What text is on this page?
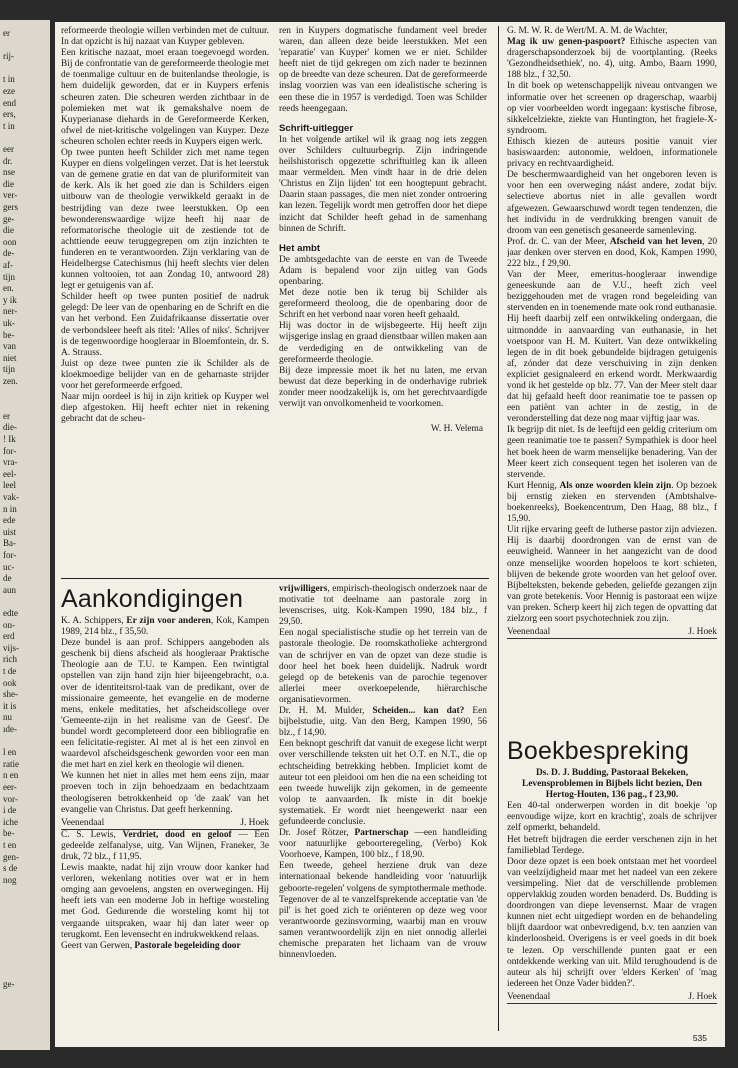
er
rij-
t in
eze
end
ers,
t in
eer
dr.
nse
die
ver-
gers
ge-
die
oon
de-
af-
tijn
en.
y ik
ner-
uk-
be-
van
niet
tijn
zen.
er
die-
! Ik
for-
vra-
eel-
leel
vak-
n in
ede
uist
Ba-
for-
uc-
de
aun
edte
on-
erd
vijs-
rich
t de
ook
she-
it is
nu
ıde-
l en
ratie
n en
eer-
vor-
i de
iche
be-
t en
gen-
s de
nog
ge-

reformeerde theologie willen verbinden met de cultuur. In dat opzicht is hij nazaat van Kuyper gebleven.

Een kritische nazaat, moet eraan toegevoegd worden. Bij de confrontatie van de gereformeerde theologie met de toenmalige cultuur en de buitenlandse theologie, is hem duidelijk geworden, dat er in Kuypers erfenis scheuren zaten. Die scheuren werden zichtbaar in de polemieken met wat ik gemakshalve noem de Kuyperianase diehards in de Gereformeerde Kerken, ofwel de niet-kritische volgelingen van Kuyper. Deze scheuren scholen echter reeds in Kuypers eigen werk.

Op twee punten heeft Schilder zich met name tegen Kuyper en diens volgelingen verzet. Dat is het leerstuk van de gemene gratie en dat van de pluriformiteit van de kerk. Als ik het goed zie dan is Schilders eigen uitbouw van de theologie verwikkeld geraakt in de bestrijding van deze twee leerstukken. Op een bewonderenswaardige wijze heeft hij naar de reformatorische theologie uit de zestiende tot de achttiende eeuw teruggegrepen om zijn inzichten te funderen en te verantwoorden. Zijn verklaring van de Heidelbergse Catechismus (hij heeft slechts vier delen kunnen voltooien, tot aan Zondag 10, antwoord 28) legt er getuigenis van af.

Schilder heeft op twee punten positief de nadruk gelegd: De leer van de openbaring en de Schrift en die van het verbond. Een Zuidafrikaanse dissertatie over de verbondsleer heeft als titel: 'Alles of niks'. Schrijver is de tegenwoordige hoogleraar in Bloemfontein, dr. S. A. Strauss.

Juist op deze twee punten zie ik Schilder als de kloekmoedige belijder van en de geharnaste strijder voor het gereformeerde erfgoed.

Naar mijn oordeel is hij in zijn kritiek op Kuyper wel diep afgestoken. Hij heeft echter niet in rekening gebracht dat de scheu-

ren in Kuypers dogmatische fundament veel breder waren, dan alleen deze beide leerstukken. Met een 'reparatie' van Kuyper' komen we er niet. Schilder heeft niet de tijd gekregen om zich nader te bezinnen op de breedte van deze scheuren. Dat de gereformeerde inslag voorzien was van een idealistische schering is een these die in 1957 is verdedigd. Toen was Schilder reeds heengegaan.

Schrift-uitlegger

In het volgende artikel wil ik graag nog iets zeggen over Schilders cultuurbegrip. Zijn indringende heilshistorisch opgezette schriftuitleg kan ik alleen maar vermelden. Men vindt haar in de drie delen 'Christus en Zijn lijden' tot een hoogtepunt gebracht. Daarin staan passages, die men niet zonder ontroering kan lezen. Tegelijk wordt men getroffen door het diepe inzicht dat Schilder heeft gehad in de samenhang binnen de Schrift.

Het ambt

De ambtsgedachte van de eerste en van de Tweede Adam is bepalend voor zijn uitleg van Gods openbaring.

Met deze notie ben ik terug bij Schilder als gereformeerd theoloog, die de openbaring door de Schrift en het verbond naar voren heeft gehaald.

Hij was doctor in de wijsbegeerte. Hij heeft zijn wijsgerige inslag en graad dienstbaar willen maken aan de verdediging en de ontwikkeling van de gereformeerde theologie.

Bij deze impressie moet ik het nu laten, me ervan bewust dat deze beperking in de onderhavige rubriek zonder meer noodzakelijk is, om het gerechtvaardigde verwijt van onvolkomenheid te voorkomen.

W. H. Velema
Aankondigingen

K. A. Schippers, Er zijn voor anderen, Kok, Kampen 1989, 214 blz., f 35,50.

Deze bundel is aan prof. Schippers aangeboden als geschenk bij diens afscheid als hoogleraar Praktische Theologie aan de T.U. te Kampen. Een twintigtal opstellen van zijn hand zijn hier bijeengebracht, o.a. over de identiteitsrol-taak van de predikant, over de missionaire gemeente, het evangelie en de moderne mens, enkele meditaties, het afscheidscollege over 'Gemeente-zijn in het realisme van de Geest'. De bundel wordt gecompleteerd door een bibliografie en een felicitatie-register. Al met al is het een zinvol en waardevol afscheidsgeschenk geworden voor een man die met hart en ziel kerk en theologie wil dienen.

We kunnen het niet in alles met hem eens zijn, maar proeven toch in zijn behoedzaam en bedachtzaam theologiseren betrokkenheid op 'de zaak' van het evangelie van Christus. Dat geeft herkenning.

Veenendaal	J. Hoek

C. S. Lewis, Verdriet, dood en geloof — Een gedeelde zelfanalyse, uitg. Van Wijnen, Franeker, 3e druk, 72 blz., f 11,95.

Lewis maakte, nadat hij zijn vrouw door kanker had verloren, wekenlang notities over wat er in hem omging aan gevoelens, angsten en overwegingen. Hij heeft iets van een moderne Job in heftige worsteling met God. Gedurende die worsteling komt hij tot vergaande uitspraken, waar hij dan later weer op terugkomt. Een levensecht en indrukwekkend relaas.

Geert van Gerwen, Pastorale begeleiding door

vrijwilligers, empirisch-theologisch onderzoek naar de motivatie tot deelname aan pastorale zorg in levenscrises, uitg. Kok-Kampen 1990, 184 blz., f 29,50.

Een nogal specialistische studie op het terrein van de pastorale theologie. De roomskatholieke achtergrond van de schrijver en van de opzet van deze studie is door heel het boek heen duidelijk. Nadruk wordt gelegd op de betekenis van de parochie tegenover allerlei meer overkoepelende, hiërarchische organisatievormen.

Dr. H. M. Mulder, Scheiden... kan dat? Een bijbelstudie, uitg. Van den Berg, Kampen 1990, 56 blz., f 14,90.

Een beknopt geschrift dat vanuit de exegese licht werpt over verschillende teksten uit het O.T. en N.T., die op echtscheiding betrekking hebben. Impliciet komt de auteur tot een pleidooi om hen die na een scheiding tot een tweede huwelijk zijn gekomen, in de gemeente volop te aanvaarden. Ik miste in dit boekje systematiek. Er wordt niet heengewerkt naar een gefundeerde conclusie.

Dr. Josef Rötzer, Partnerschap —een handleiding voor natuurlijke geboorteregeling, (Verbo) Kok Voorhoeve, Kampen, 100 blz., f 18,90.

Een tweede, geheel herziene druk van deze internationaal bekende handleiding voor 'natuurlijk geboorte-regelen' volgens de symptothermale methode.

Tegenover de al te vanzelfsprekende acceptatie van 'de pil' is het goed zich te oriënteren op deze weg voor verantwoorde gezinsvorming, waarbij man en vrouw samen verantwoordelijk zijn en niet onnodig allerlei chemische preparaten het lichaam van de vrouw binnenvloeden.

G. M. W. R. de Wert/M. A. M. de Wachter,

Mag ik uw genen-paspoort? Ethische aspecten van dragerschapsonderzoek bij de voortplanting. (Reeks 'Gezondheidsethiek', no. 4), uitg. Ambo, Baarn 1990, 188 blz., f 32,50.

In dit boek op wetenschappelijk niveau ontvangen we informatie over het screenen op dragerschap, waarbij op vier voorbeelden wordt ingegaan: kystische fibrose, sikkelcelziekte, ziekte van Huntington, het fragiele-X-syndroom.

Ethisch kiezen de auteurs positie vanuit vier basiswaarden: autonomie, weldoen, informationele privacy en rechtvaardigheid.

De beschermwaardigheid van het ongeboren leven is voor hen een overweging náást andere, zodat bijv. selectieve abortus niet in alle gevallen wordt afgewezen. Gewaarschuwd wordt tegen tendenzen, die het individu in de verdrukking brengen vanuit de droom van een genetisch gesaneerde samenleving.

Prof. dr. C. van der Meer, Afscheid van het leven, 20 jaar denken over sterven en dood, Kok, Kampen 1990, 222 blz., f 29,90.

Van der Meer, emeritus-hoogleraar inwendige geneeskunde aan de V.U., heeft zich veel beziggehouden met de vragen rond begeleiding van stervenden en in toenemende mate ook rond euthanasie. Hij heeft daarbij zelf een ontwikkeling ondergaan, die uitmondde in aanvaarding van euthanasie, in het voetspoor van H. M. Kuitert. Van deze ontwikkeling legen de in dit boek gebundelde bijdragen getuigenis af, zónder dat deze verschuiving in zijn denken expliciet gesignaleerd en erkend wordt. Merkwaardig vond ik het gestelde op blz. 77. Van der Meer stelt daar dat hij gefaald heeft door reanimatie toe te passen op een patiënt van achter in de zestig, in de veronderstelling dat deze nog maar vijftig jaar was.

Ik begrijp dit niet. Is de leeftijd een geldig criterium om geen reanimatie toe te passen? Sympathiek is door heel het boek heen de warm menselijke benadering. Van der Meer keert zich consequent tegen het isoleren van de stervende.

Kurt Hennig, Als onze woorden klein zijn. Op bezoek bij ernstig zieken en stervenden (Ambtshalve-boekenreeks), Boekencentrum, Den Haag, 88 blz., f 15,90.

Uit rijke ervaring geeft de lutherse pastor zijn adviezen. Hij is daarbij doordrongen van de ernst van de eeuwigheid. Wanneer in het aangezicht van de dood onze menselijke woorden hopeloos te kort schieten, blijven de bekende grote woorden van het geloof over. Bijbelteksten, bekende gebeden, geliefde gezangen zijn van grote betekenis. Voor Hennig is pastoraat een wijze van preken. Scherp keert hij zich tegen de opvatting dat zielzorg een soort psychotechniek zou zijn.

Veenendaal	J. Hoek
Boekbespreking

Ds. D. J. Budding, Pastoraal Bekeken, Levensproblemen in Bijbels licht bezien, Den Hertog-Houten, 136 pag., f 23,90.

Een 40-tal onderwerpen worden in dit boekje 'op eenvoudige wijze, kort en krachtig', zoals de schrijver zelf opmerkt, behandeld.

Het betreft bijdragen die eerder verschenen zijn in het familieblad Terdege.

Door deze opzet is een boek ontstaan met het voordeel van veelzijdigheid maar met het nadeel van een zekere versimpeling. Niet dat de verschillende problemen oppervlakkig zouden worden benaderd. Ds. Budding is doordrongen van diepe levensernst. Maar de vragen kunnen niet echt uitgediept worden en de behandeling blijft daardoor wat onbevredigend, b.v. ten aanzien van kinderloosheid. Overigens is er veel goeds in dit boek te lezen. Op verschillende punten gaat er een ontdekkende werking van uit. Mild terughoudend is de auteur als hij schrijft over 'elders Kerken' of 'mag iedereen het Onze Vader bidden?'.

Veenendaal	J. Hoek
535
